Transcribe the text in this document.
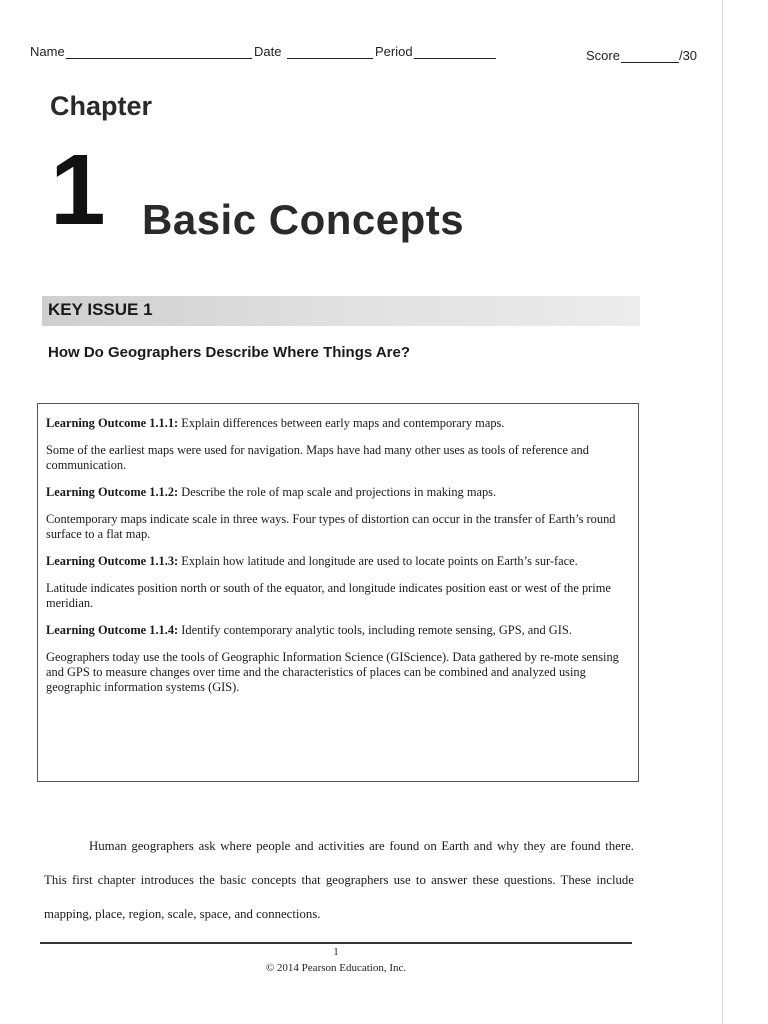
Name	Date	Period	Score	/30
Chapter
1 Basic Concepts
KEY ISSUE 1
How Do Geographers Describe Where Things Are?

Learning Outcome 1.1.1: Explain differences between early maps and contemporary maps.

Some of the earliest maps were used for navigation. Maps have had many other uses as tools of reference and communication.

Learning Outcome 1.1.2: Describe the role of map scale and projections in making maps.

Contemporary maps indicate scale in three ways. Four types of distortion can occur in the transfer of Earth’s round surface to a flat map.

Learning Outcome 1.1.3: Explain how latitude and longitude are used to locate points on Earth’s sur-face.

Latitude indicates position north or south of the equator, and longitude indicates position east or west of the prime meridian.

Learning Outcome 1.1.4: Identify contemporary analytic tools, including remote sensing, GPS, and GIS.

Geographers today use the tools of Geographic Information Science (GIScience). Data gathered by re-mote sensing and GPS to measure changes over time and the characteristics of places can be combined and analyzed using geographic information systems (GIS).

Human geographers ask where people and activities are found on Earth and why they are found there. This first chapter introduces the basic concepts that geographers use to answer these questions. These include mapping, place, region, scale, space, and connections.

1
© 2014 Pearson Education, Inc.
